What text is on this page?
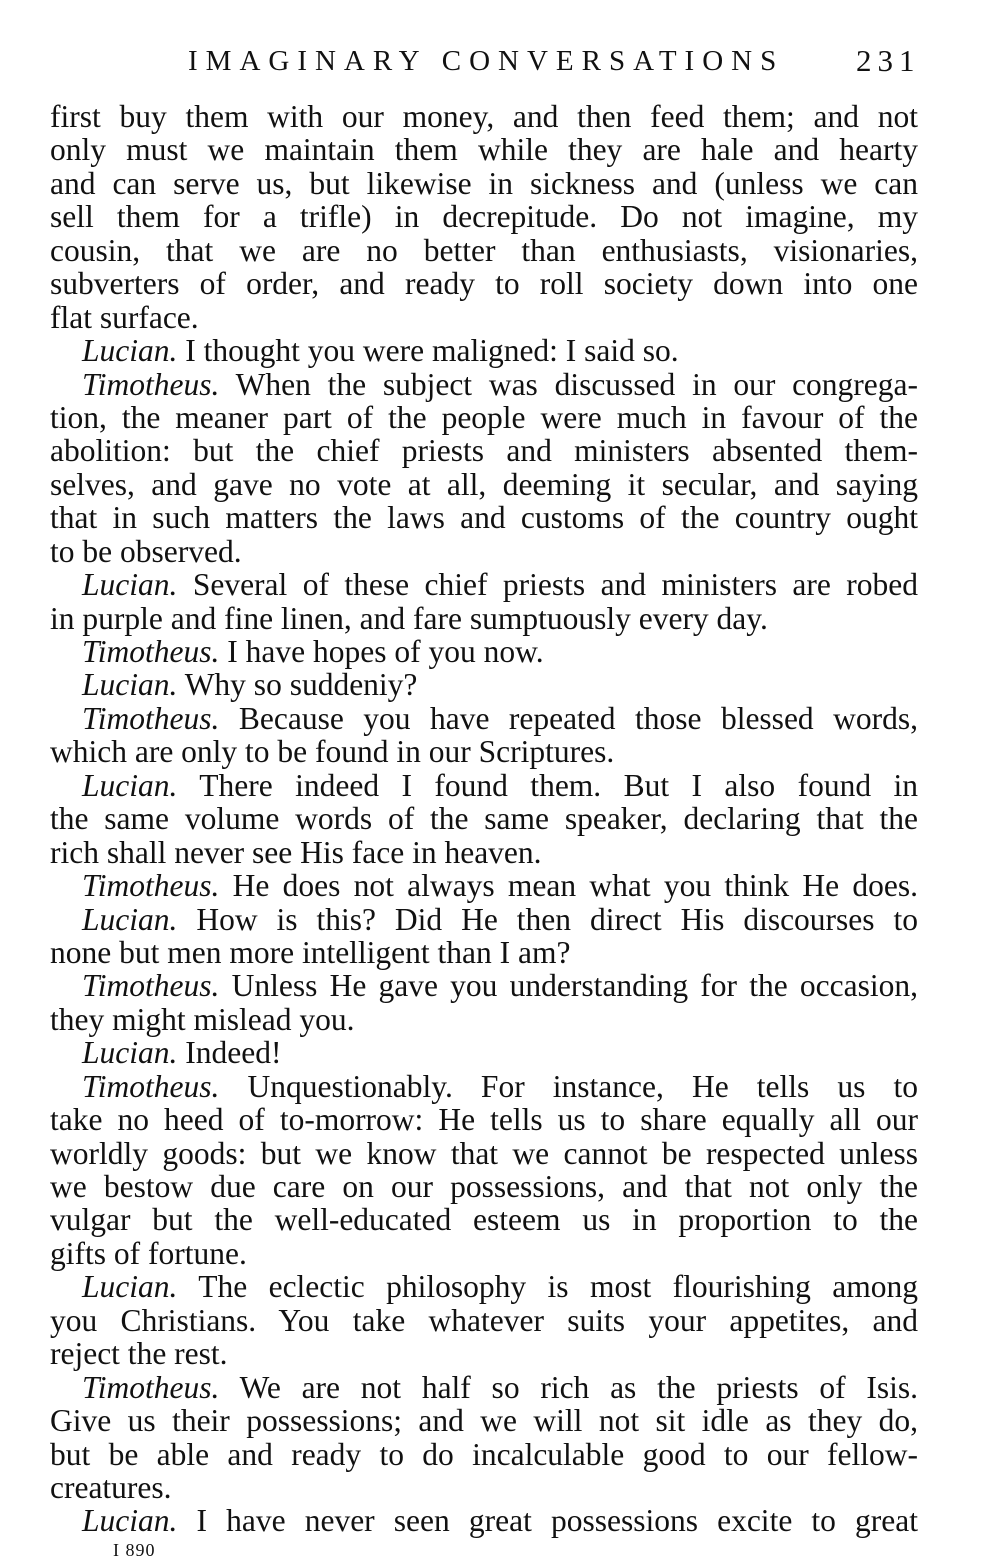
IMAGINARY CONVERSATIONS 231
first buy them with our money, and then feed them; and not
only must we maintain them while they are hale and hearty
and can serve us, but likewise in sickness and (unless we can
sell them for a trifle) in decrepitude. Do not imagine, my
cousin, that we are no better than enthusiasts, visionaries,
subverters of order, and ready to roll society down into one
flat surface.
Lucian. I thought you were maligned: I said so.
Timotheus. When the subject was discussed in our congrega-
tion, the meaner part of the people were much in favour of the
abolition: but the chief priests and ministers absented them-
selves, and gave no vote at all, deeming it secular, and saying
that in such matters the laws and customs of the country ought
to be observed.
Lucian. Several of these chief priests and ministers are robed
in purple and fine linen, and fare sumptuously every day.
Timotheus. I have hopes of you now.
Lucian. Why so suddeniy?
Timotheus. Because you have repeated those blessed words,
which are only to be found in our Scriptures.
Lucian. There indeed I found them. But I also found in
the same volume words of the same speaker, declaring that the
rich shall never see His face in heaven.
Timotheus. He does not always mean what you think He does.
Lucian. How is this? Did He then direct His discourses to
none but men more intelligent than I am?
Timotheus. Unless He gave you understanding for the occasion,
they might mislead you.
Lucian. Indeed!
Timotheus. Unquestionably. For instance, He tells us to
take no heed of to-morrow: He tells us to share equally all our
worldly goods: but we know that we cannot be respected unless
we bestow due care on our possessions, and that not only the
vulgar but the well-educated esteem us in proportion to the
gifts of fortune.
Lucian. The eclectic philosophy is most flourishing among
you Christians. You take whatever suits your appetites, and
reject the rest.
Timotheus. We are not half so rich as the priests of Isis.
Give us their possessions; and we will not sit idle as they do,
but be able and ready to do incalculable good to our fellow-
creatures.
Lucian. I have never seen great possessions excite to great
I 890
